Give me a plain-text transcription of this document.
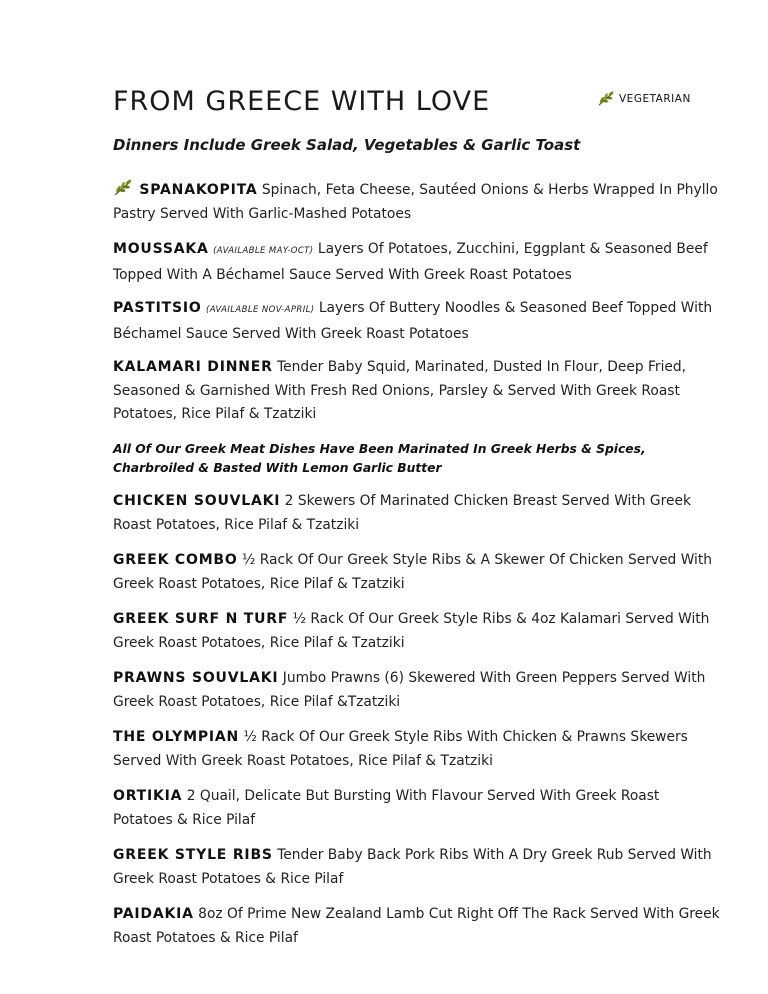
FROM GREECE WITH LOVE	VEGETARIAN
Dinners Include Greek Salad, Vegetables & Garlic Toast
SPANAKOPITA Spinach, Feta Cheese, Sautéed Onions & Herbs Wrapped In Phyllo Pastry Served With Garlic-Mashed Potatoes
MOUSSAKA (AVAILABLE MAY-OCT) Layers Of Potatoes, Zucchini, Eggplant & Seasoned Beef Topped With A Béchamel Sauce Served With Greek Roast Potatoes
PASTITSIO (AVAILABLE NOV-APRIL) Layers Of Buttery Noodles & Seasoned Beef Topped With Béchamel Sauce Served With Greek Roast Potatoes
KALAMARI DINNER Tender Baby Squid, Marinated, Dusted In Flour, Deep Fried, Seasoned & Garnished With Fresh Red Onions, Parsley & Served With Greek Roast Potatoes, Rice Pilaf & Tzatziki
All Of Our Greek Meat Dishes Have Been Marinated In Greek Herbs & Spices, Charbroiled & Basted With Lemon Garlic Butter
CHICKEN SOUVLAKI 2 Skewers Of Marinated Chicken Breast Served With Greek Roast Potatoes, Rice Pilaf & Tzatziki
GREEK COMBO ½ Rack Of Our Greek Style Ribs & A Skewer Of Chicken Served With Greek Roast Potatoes, Rice Pilaf & Tzatziki
GREEK SURF N TURF ½ Rack Of Our Greek Style Ribs & 4oz Kalamari Served With Greek Roast Potatoes, Rice Pilaf & Tzatziki
PRAWNS SOUVLAKI Jumbo Prawns (6) Skewered With Green Peppers Served With Greek Roast Potatoes, Rice Pilaf &Tzatziki
THE OLYMPIAN ½ Rack Of Our Greek Style Ribs With Chicken & Prawns Skewers Served With Greek Roast Potatoes, Rice Pilaf & Tzatziki
ORTIKIA 2 Quail, Delicate But Bursting With Flavour Served With Greek Roast Potatoes & Rice Pilaf
GREEK STYLE RIBS Tender Baby Back Pork Ribs With A Dry Greek Rub Served With Greek Roast Potatoes & Rice Pilaf
PAIDAKIA 8oz Of Prime New Zealand Lamb Cut Right Off The Rack Served With Greek Roast Potatoes & Rice Pilaf
